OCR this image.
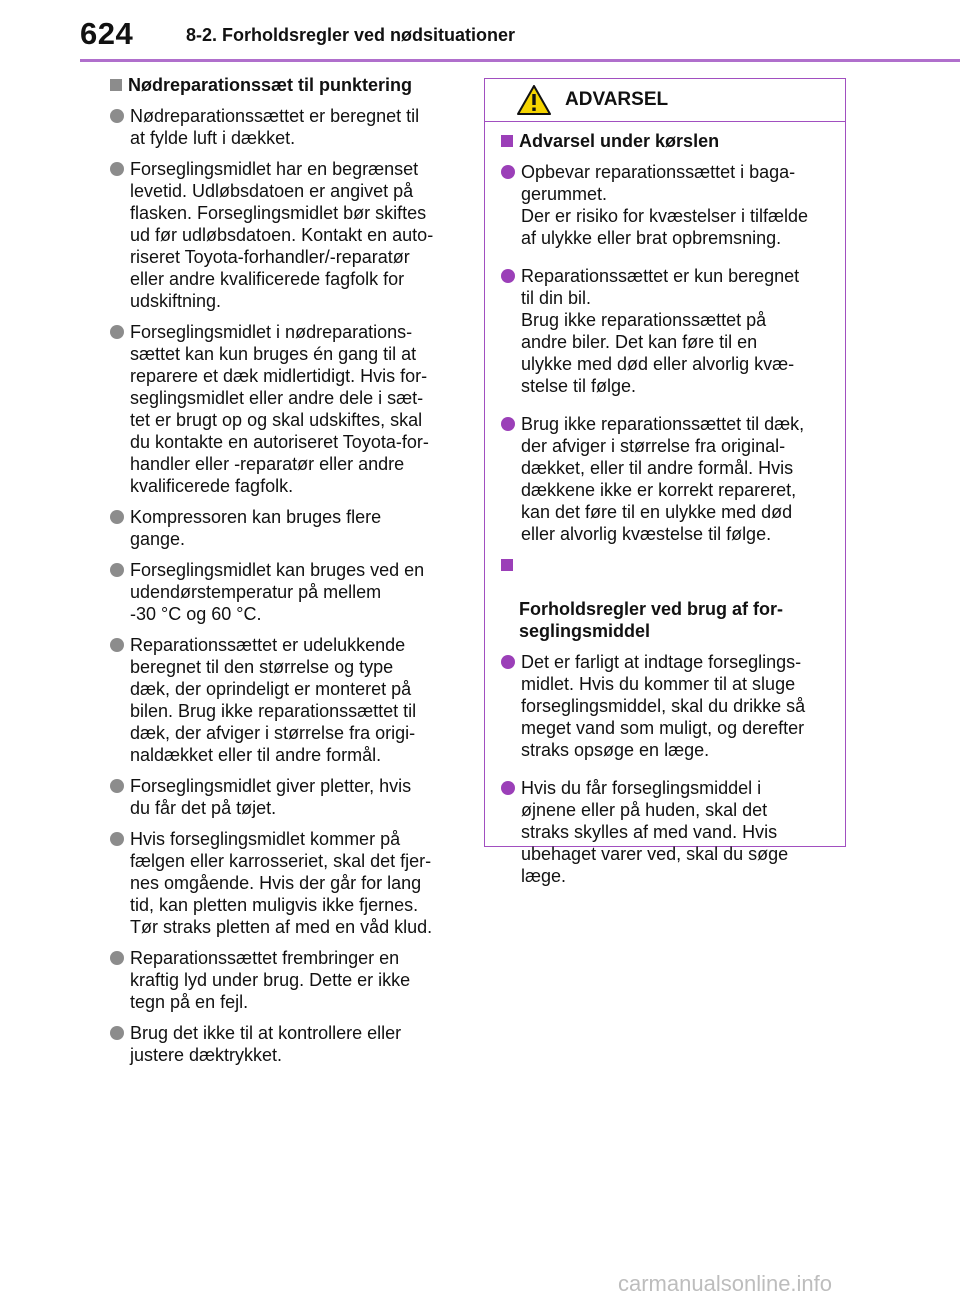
624	8-2. Forholdsregler ved nødsituationer
Nødreparationssæt til punktering
Nødreparationssættet er beregnet til
at fylde luft i dækket.
Forseglingsmidlet har en begrænset
levetid. Udløbsdatoen er angivet på
flasken. Forseglingsmidlet bør skiftes
ud før udløbsdatoen. Kontakt en auto-
riseret Toyota-forhandler/-reparatør
eller andre kvalificerede fagfolk for
udskiftning.
Forseglingsmidlet i nødreparations-
sættet kan kun bruges én gang til at
reparere et dæk midlertidigt. Hvis for-
seglingsmidlet eller andre dele i sæt-
tet er brugt op og skal udskiftes, skal
du kontakte en autoriseret Toyota-for-
handler eller -reparatør eller andre
kvalificerede fagfolk.
Kompressoren kan bruges flere
gange.
Forseglingsmidlet kan bruges ved en
udendørstemperatur på mellem
-30 °C og 60 °C.
Reparationssættet er udelukkende
beregnet til den størrelse og type
dæk, der oprindeligt er monteret på
bilen. Brug ikke reparationssættet til
dæk, der afviger i størrelse fra origi-
naldækket eller til andre formål.
Forseglingsmidlet giver pletter, hvis
du får det på tøjet.
Hvis forseglingsmidlet kommer på
fælgen eller karrosseriet, skal det fjer-
nes omgående. Hvis der går for lang
tid, kan pletten muligvis ikke fjernes.
Tør straks pletten af med en våd klud.
Reparationssættet frembringer en
kraftig lyd under brug. Dette er ikke
tegn på en fejl.
Brug det ikke til at kontrollere eller
justere dæktrykket.
ADVARSEL
Advarsel under kørslen
Opbevar reparationssættet i baga-
gerummet.
Der er risiko for kvæstelser i tilfælde
af ulykke eller brat opbremsning.
Reparationssættet er kun beregnet
til din bil.
Brug ikke reparationssættet på
andre biler. Det kan føre til en
ulykke med død eller alvorlig kvæ-
stelse til følge.
Brug ikke reparationssættet til dæk,
der afviger i størrelse fra original-
dækket, eller til andre formål. Hvis
dækkene ikke er korrekt repareret,
kan det føre til en ulykke med død
eller alvorlig kvæstelse til følge.

Forholdsregler ved brug af for-
seglingsmiddel

Det er farligt at indtage forseglings-
midlet. Hvis du kommer til at sluge
forseglingsmiddel, skal du drikke så
meget vand som muligt, og derefter
straks opsøge en læge.
Hvis du får forseglingsmiddel i
øjnene eller på huden, skal det
straks skylles af med vand. Hvis
ubehaget varer ved, skal du søge
læge.
carmanualsonline.info
